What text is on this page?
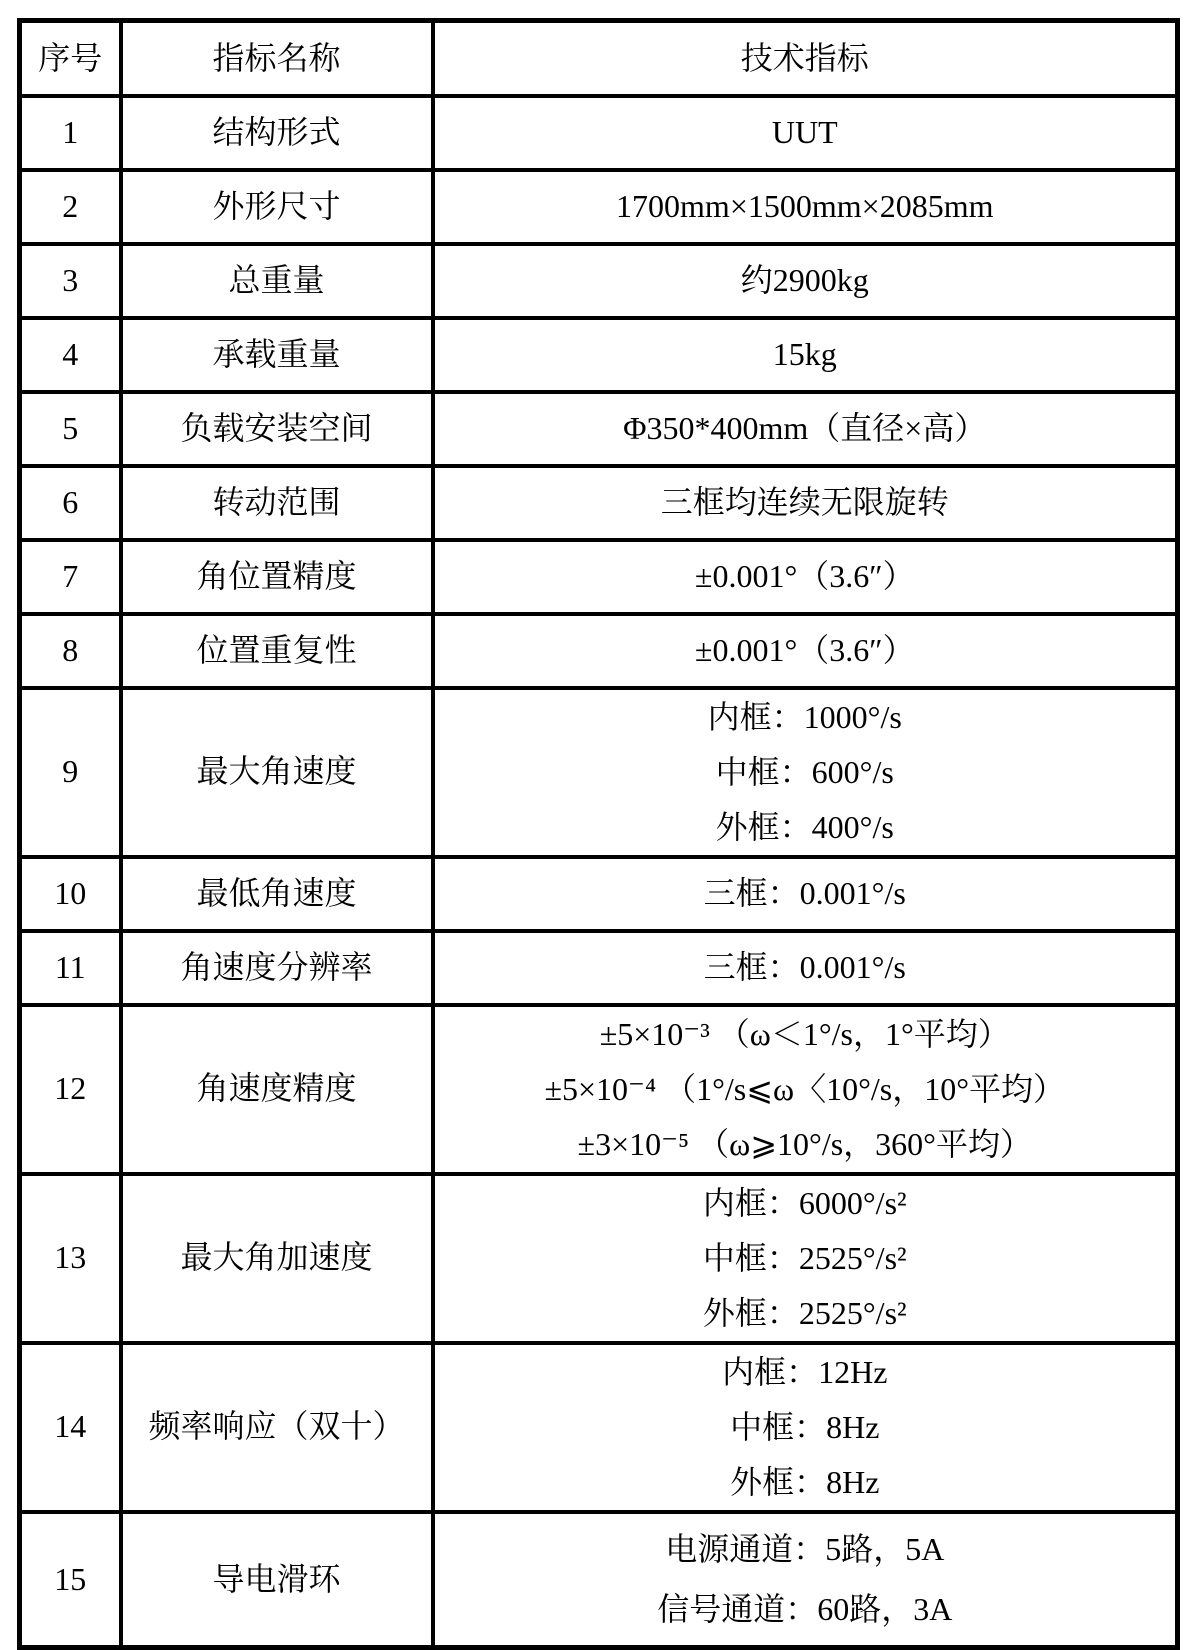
序号	指标名称	技术指标
1	结构形式	UUT

2	外形尺寸	1700mm×1500mm×2085mm

3	总重量	约2900kg

4	承载重量	15kg

5	负载安装空间	Φ350*400mm（直径×高）

6	转动范围	三框均连续无限旋转

7	角位置精度	±0.001°（3.6″）

8	位置重复性	±0.001°（3.6″）

9	最大角速度	内框：1000°/s
中框：600°/s
外框：400°/s

10	最低角速度	三框：0.001°/s

11	角速度分辨率	三框：0.001°/s

12	角速度精度	±5×10⁻³ （ω＜1°/s，1°平均）
±5×10⁻⁴ （1°/s⩽ω〈10°/s，10°平均）
±3×10⁻⁵ （ω⩾10°/s，360°平均）

13	最大角加速度	内框：6000°/s²
中框：2525°/s²
外框：2525°/s²

14	频率响应（双十）	内框：12Hz
中框：8Hz
外框：8Hz

15	导电滑环	电源通道：5路，5A
信号通道：60路，3A
